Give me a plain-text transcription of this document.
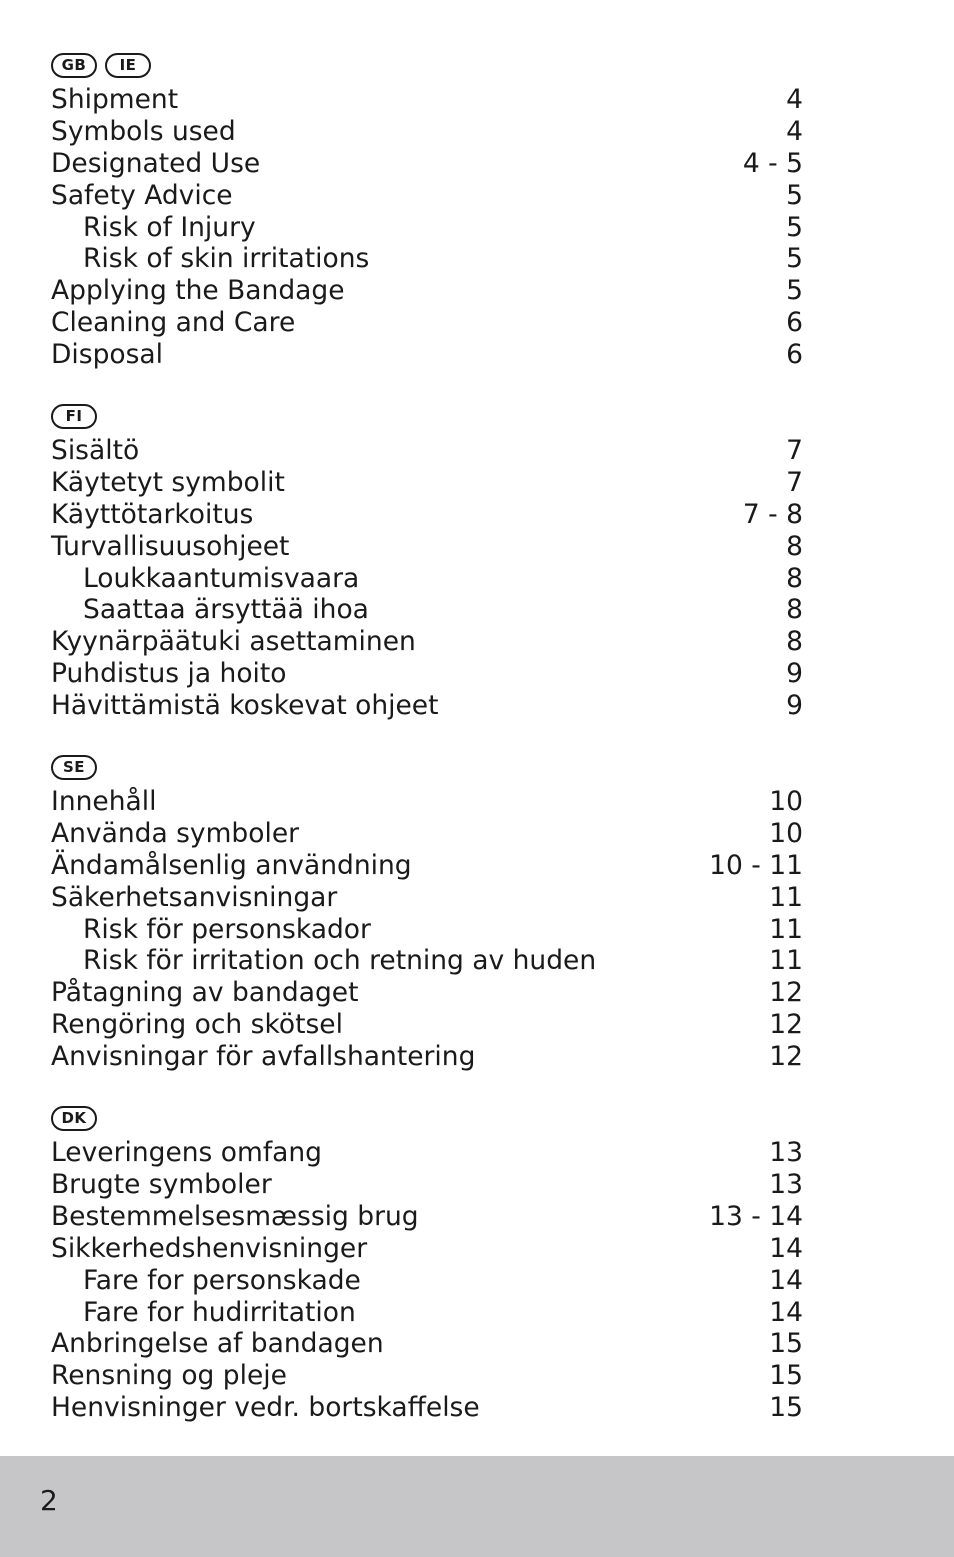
GB	IE
Shipment	4
Symbols used	4
Designated Use	4 - 5
Safety Advice	5
Risk of Injury	5
Risk of skin irritations	5
Applying the Bandage	5
Cleaning and Care	6
Disposal	6
FI
Sisältö	7
Käytetyt symbolit	7
Käyttötarkoitus	7 - 8
Turvallisuusohjeet	8
Loukkaantumisvaara	8
Saattaa ärsyttää ihoa	8
Kyynärpäätuki asettaminen	8
Puhdistus ja hoito	9
Hävittämistä koskevat ohjeet	9
SE
Innehåll	10
Använda symboler	10
Ändamålsenlig användning	10 - 11
Säkerhetsanvisningar	11
Risk för personskador	11
Risk för irritation och retning av huden	11
Påtagning av bandaget	12
Rengöring och skötsel	12
Anvisningar för avfallshantering	12
DK
Leveringens omfang	13
Brugte symboler	13
Bestemmelsesmæssig brug	13 - 14
Sikkerhedshenvisninger	14
Fare for personskade	14
Fare for hudirritation	14
Anbringelse af bandagen	15
Rensning og pleje	15
Henvisninger vedr. bortskaffelse	15
2
